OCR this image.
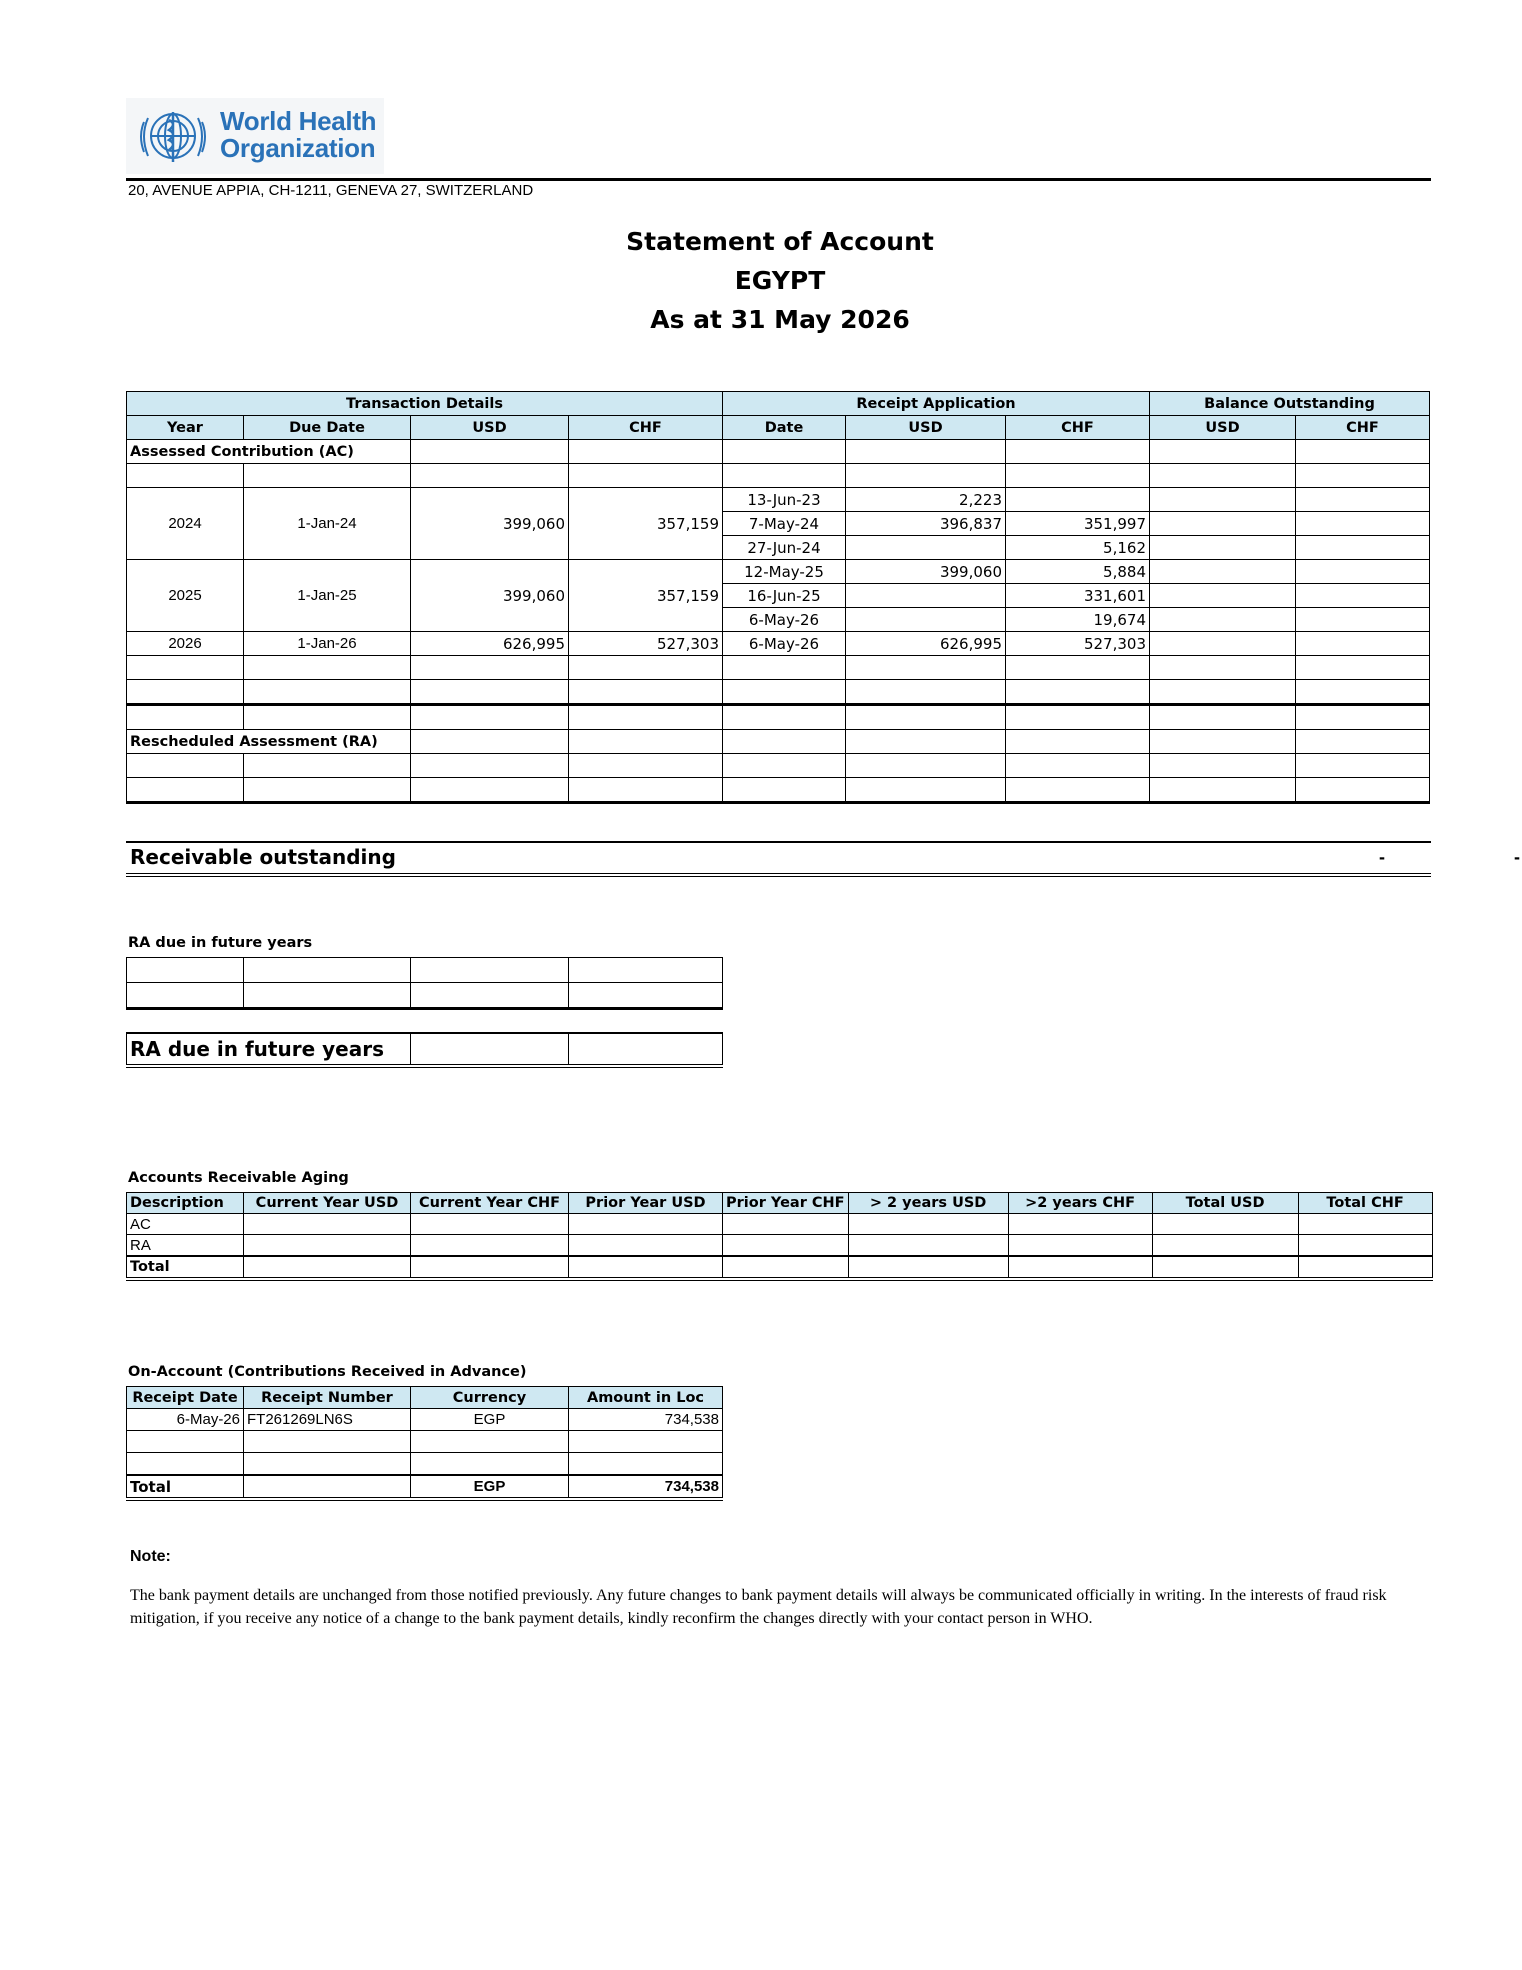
World Health
Organization
20, AVENUE APPIA, CH-1211, GENEVA 27, SWITZERLAND
Statement of Account
EGYPT
As at 31 May 2026
Transaction Details				Receipt Application			Balance Outstanding	
Year	Due Date	USD	CHF	Date	USD	CHF	USD	CHF
Assessed Contribution (AC)								

2024	1-Jan-24	399,060	357,159	13-Jun-23	2,223			
				7-May-24	396,837	351,997		
				27-Jun-24		5,162		
2025	1-Jan-25	399,060	357,159	12-May-25	399,060	5,884		
				16-Jun-25		331,601		
				6-May-26		19,674		
2026	1-Jan-26	626,995	527,303	6-May-26	626,995	527,303		

Rescheduled Assessment (RA)								

Receivable outstanding	-	-
RA due in future years

RA due in future years		
Accounts Receivable Aging
Description	Current Year USD	Current Year CHF	Prior Year USD	Prior Year CHF	> 2 years USD	>2 years CHF	Total USD	Total CHF
AC								
RA								
Total								
On-Account (Contributions Received in Advance)
Receipt Date	Receipt Number	Currency	Amount in Loc
6-May-26	FT261269LN6S	EGP	734,538

Total		EGP	734,538
Note:
The bank payment details are unchanged from those notified previously. Any future changes to bank payment details will always be communicated officially in writing. In the interests of fraud risk mitigation, if you receive any notice of a change to the bank payment details, kindly reconfirm the changes directly with your contact person in WHO.
